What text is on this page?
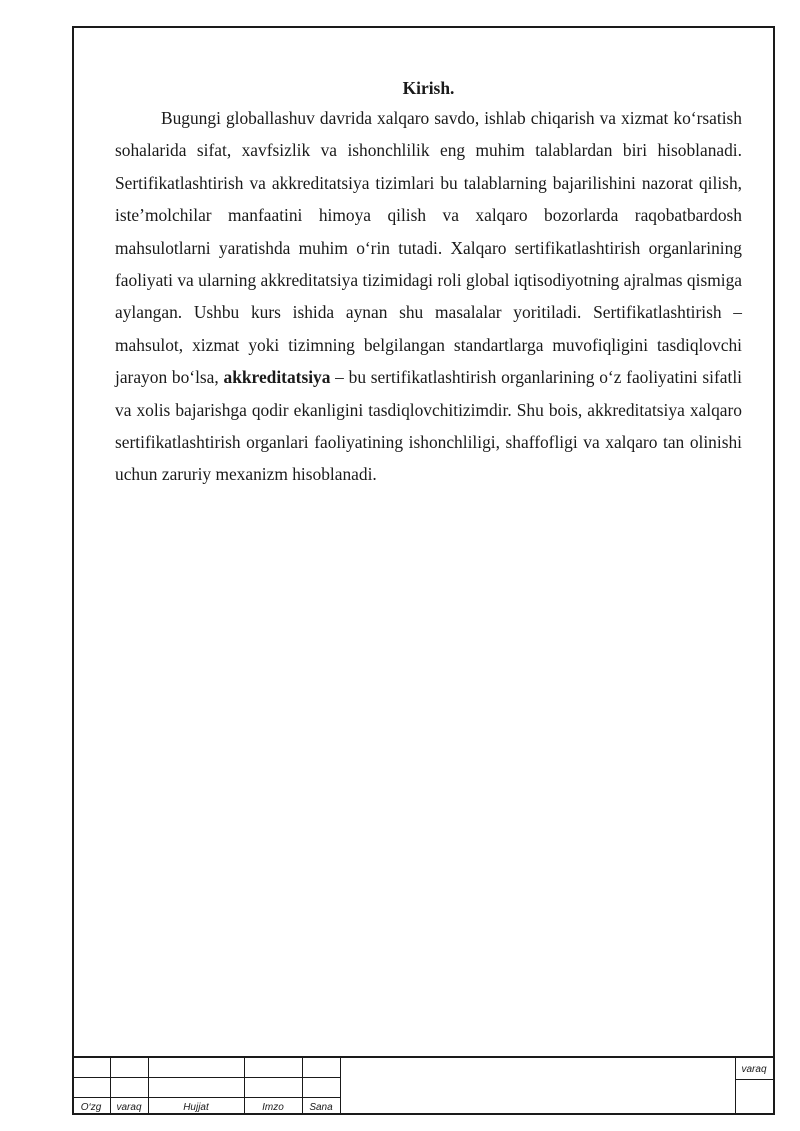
Kirish.

Bugungi globallashuv davrida xalqaro savdo, ishlab chiqarish va xizmat ko‘rsatish sohalarida sifat, xavfsizlik va ishonchlilik eng muhim talablardan biri hisoblanadi. Sertifikatlashtirish va akkreditatsiya tizimlari bu talablarning bajarilishini nazorat qilish, iste’molchilar manfaatini himoya qilish va xalqaro bozorlarda raqobatbardosh mahsulotlarni yaratishda muhim o‘rin tutadi. Xalqaro sertifikatlashtirish organlarining faoliyati va ularning akkreditatsiya tizimidagi roli global iqtisodiyotning ajralmas qismiga aylangan. Ushbu kurs ishida aynan shu masalalar yoritiladi. Sertifikatlashtirish – mahsulot, xizmat yoki tizimning belgilangan standartlarga muvofiqligini tasdiqlovchi jarayon bo‘lsa, akkreditatsiya – bu sertifikatlashtirish organlarining o‘z faoliyatini sifatli va xolis bajarishga qodir ekanligini tasdiqlovchitizimdir. Shu bois, akkreditatsiya xalqaro sertifikatlashtirish organlari faoliyatining ishonchliligi, shaffofligi va xalqaro tan olinishi uchun zaruriy mexanizm hisoblanadi.

O‘zg	varaq	Hujjat	Imzo	Sana
varaq
